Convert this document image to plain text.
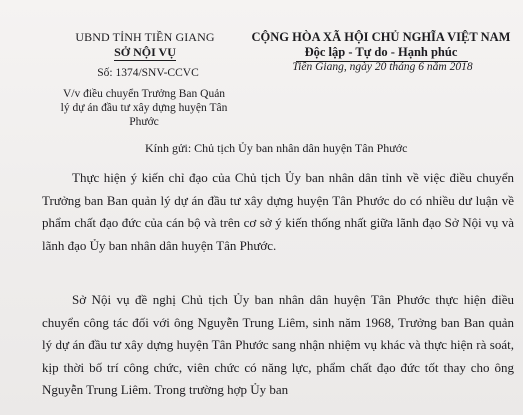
UBND TỈNH TIỀN GIANG
SỞ NỘI VỤ
Số: 1374/SNV-CCVC
V/v điều chuyển Trưởng Ban Quản lý dự án đầu tư xây dựng huyện Tân Phước
CỘNG HÒA XÃ HỘI CHỦ NGHĨA VIỆT NAM
Độc lập - Tự do - Hạnh phúc
Tiền Giang, ngày 20 tháng 6 năm 2018
Kính gửi: Chủ tịch Ủy ban nhân dân huyện Tân Phước
Thực hiện ý kiến chỉ đạo của Chủ tịch Ủy ban nhân dân tỉnh về việc điều chuyển Trưởng ban Ban quản lý dự án đầu tư xây dựng huyện Tân Phước do có nhiều dư luận về phẩm chất đạo đức của cán bộ và trên cơ sở ý kiến thống nhất giữa lãnh đạo Sở Nội vụ và lãnh đạo Ủy ban nhân dân huyện Tân Phước.
Sở Nội vụ đề nghị Chủ tịch Ủy ban nhân dân huyện Tân Phước thực hiện điều chuyển công tác đối với ông Nguyễn Trung Liêm, sinh năm 1968, Trưởng ban Ban quản lý dự án đầu tư xây dựng huyện Tân Phước sang nhận nhiệm vụ khác và thực hiện rà soát, kịp thời bố trí công chức, viên chức có năng lực, phẩm chất đạo đức tốt thay cho ông Nguyễn Trung Liêm. Trong trường hợp Ủy ban
